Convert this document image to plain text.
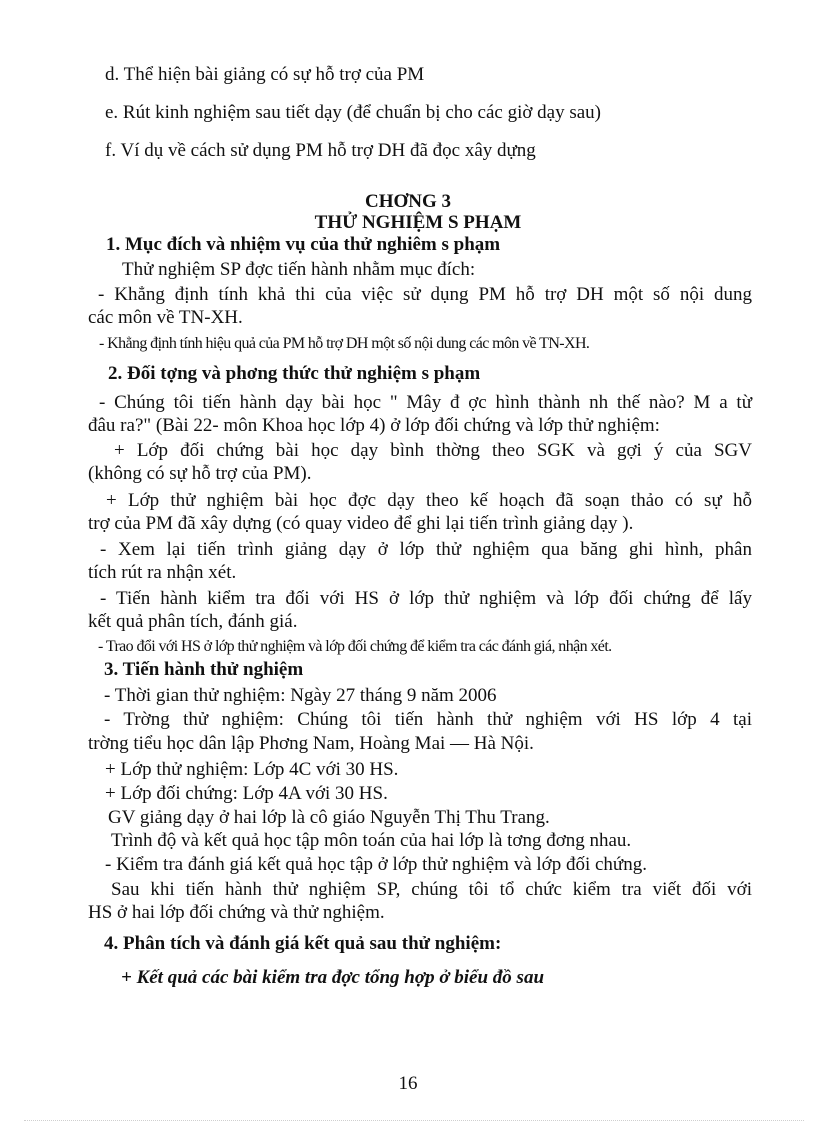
d. Thể hiện bài giảng có sự hỗ trợ của PM
e. Rút kinh nghiệm sau tiết dạy (để chuẩn bị cho các giờ dạy sau)
f. Ví dụ về cách sử dụng PM hỗ trợ DH đã đọc xây dựng
CHƠNG 3
THỬ NGHIỆM S PHẠM
1. Mục đích và nhiệm vụ của thử nghiêm s phạm
Thử nghiệm SP đợc tiến hành nhằm mục đích:
- Khẳng định tính khả thi của việc sử dụng PM hỗ trợ DH một số nội dung
các môn về TN-XH.
- Khẳng định tính hiệu quả của PM hỗ trợ DH một số nội dung các môn về TN-XH.
2. Đối tợng và phơng thức thử nghiệm s phạm
- Chúng tôi tiến hành dạy bài học " Mây đ ợc hình thành nh thế nào? M a từ
đâu ra?" (Bài 22- môn Khoa học lớp 4) ở lớp đối chứng và lớp thử nghiệm:
+ Lớp đối chứng bài học dạy bình thờng theo SGK và gợi ý của SGV
(không có sự hỗ trợ của PM).
+ Lớp thử nghiệm bài học đợc dạy theo kế hoạch đã soạn thảo có sự hỗ
trợ của PM đã xây dựng (có quay video để ghi lại tiến trình giảng dạy ).
- Xem lại tiến trình giảng dạy ở lớp thử nghiệm qua băng ghi hình, phân
tích rút ra nhận xét.
- Tiến hành kiểm tra đối với HS ở lớp thử nghiệm và lớp đối chứng để lấy
kết quả phân tích, đánh giá.
- Trao đổi với HS ở lớp thử nghiệm và lớp đối chứng để kiểm tra các đánh giá, nhận xét.
3. Tiến hành thử nghiệm
- Thời gian thử nghiệm: Ngày 27 tháng 9 năm 2006
- Trờng thử nghiệm: Chúng tôi tiến hành thử nghiệm với HS lớp 4 tại
trờng tiểu học dân lập Phơng Nam, Hoàng Mai — Hà Nội.
+ Lớp thử nghiệm: Lớp 4C với 30 HS.
+ Lớp đối chứng: Lớp 4A với 30 HS.
GV giảng dạy ở hai lớp là cô giáo Nguyễn Thị Thu Trang.
Trình độ và kết quả học tập môn toán của hai lớp là tơng đơng nhau.
- Kiểm tra đánh giá kết quả học tập ở lớp thử nghiệm và lớp đối chứng.
Sau khi tiến hành thử nghiệm SP, chúng tôi tổ chức kiểm tra viết đối với
HS ở hai lớp đối chứng và thử nghiệm.
4. Phân tích và đánh giá kết quả sau thử nghiệm:
+ Kết quả các bài kiểm tra đợc tổng hợp ở biểu đồ sau
16
